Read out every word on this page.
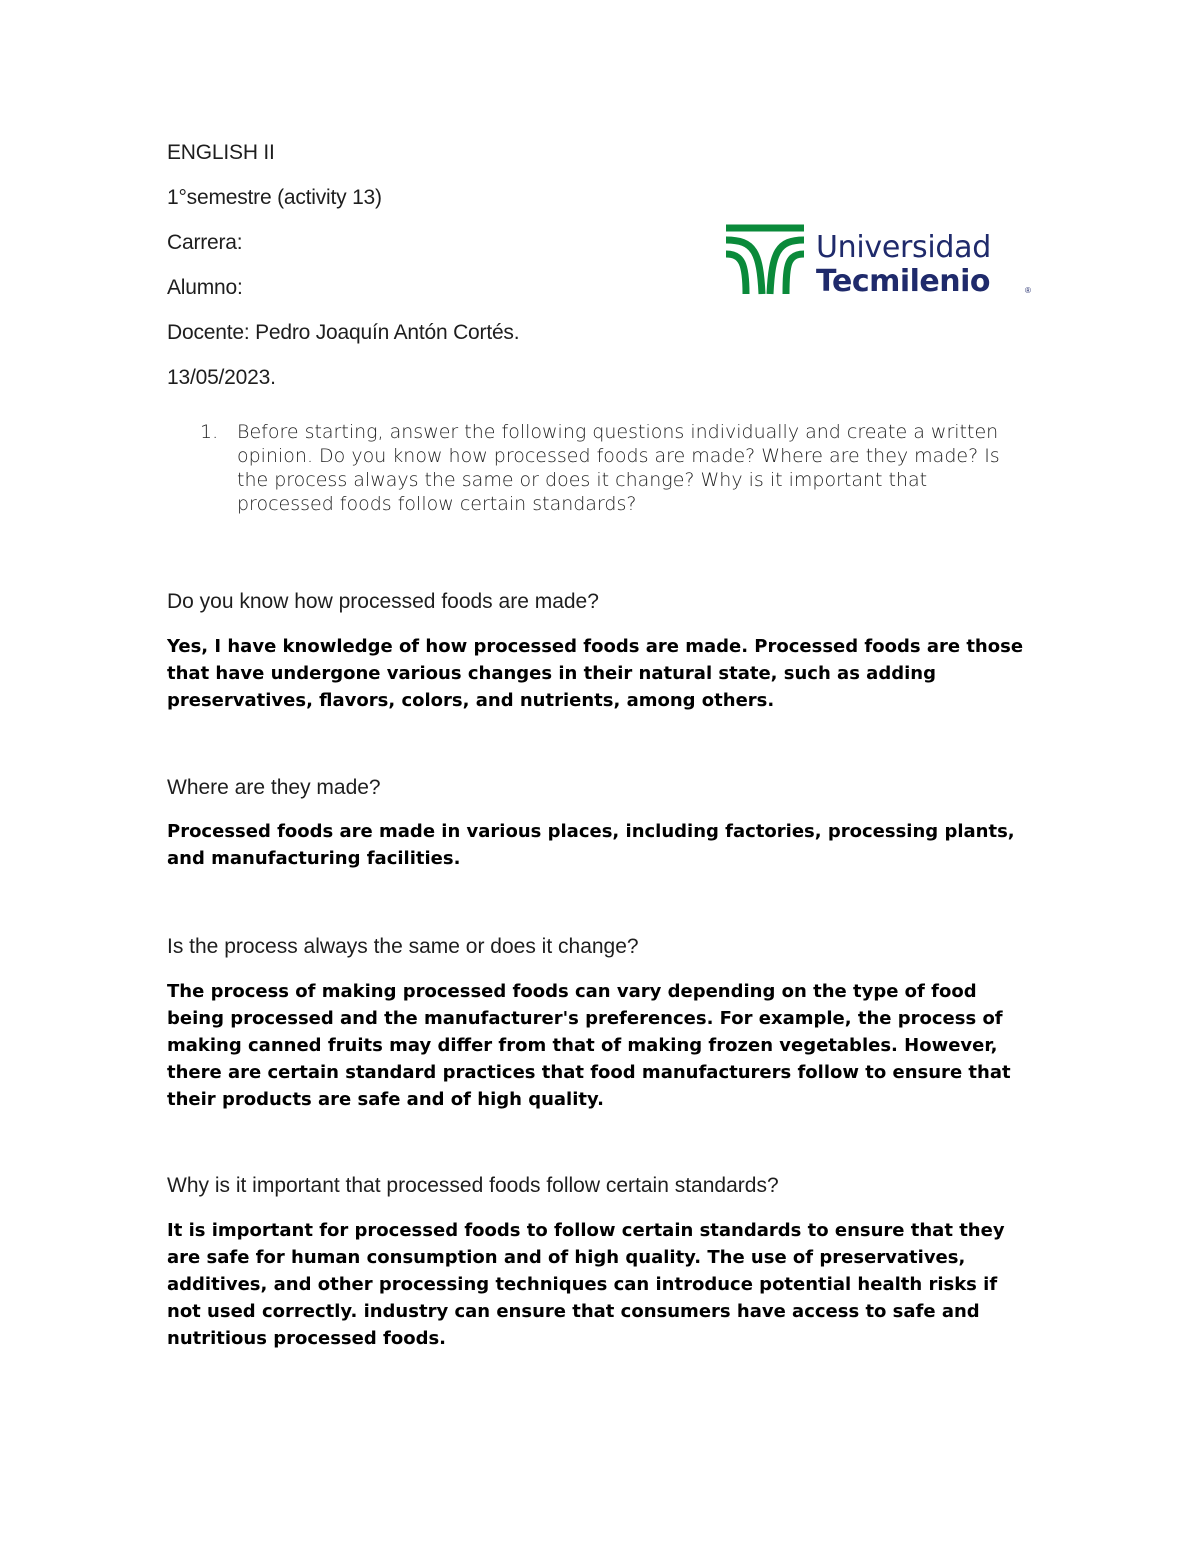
ENGLISH II
1°semestre (activity 13)
Carrera:
Alumno:
Docente: Pedro Joaquín Antón Cortés.
13/05/2023.
Universidad
Tecmilenio	®
1. Before starting, answer the following questions individually and create a written opinion. Do you know how processed foods are made? Where are they made? Is the process always the same or does it change? Why is it important that processed foods follow certain standards?
Do you know how processed foods are made?
Yes, I have knowledge of how processed foods are made. Processed foods are those that have undergone various changes in their natural state, such as adding preservatives, flavors, colors, and nutrients, among others.
Where are they made?
Processed foods are made in various places, including factories, processing plants, and manufacturing facilities.
Is the process always the same or does it change?
The process of making processed foods can vary depending on the type of food being processed and the manufacturer's preferences. For example, the process of making canned fruits may differ from that of making frozen vegetables. However, there are certain standard practices that food manufacturers follow to ensure that their products are safe and of high quality.
Why is it important that processed foods follow certain standards?
It is important for processed foods to follow certain standards to ensure that they are safe for human consumption and of high quality. The use of preservatives, additives, and other processing techniques can introduce potential health risks if not used correctly. industry can ensure that consumers have access to safe and nutritious processed foods.
